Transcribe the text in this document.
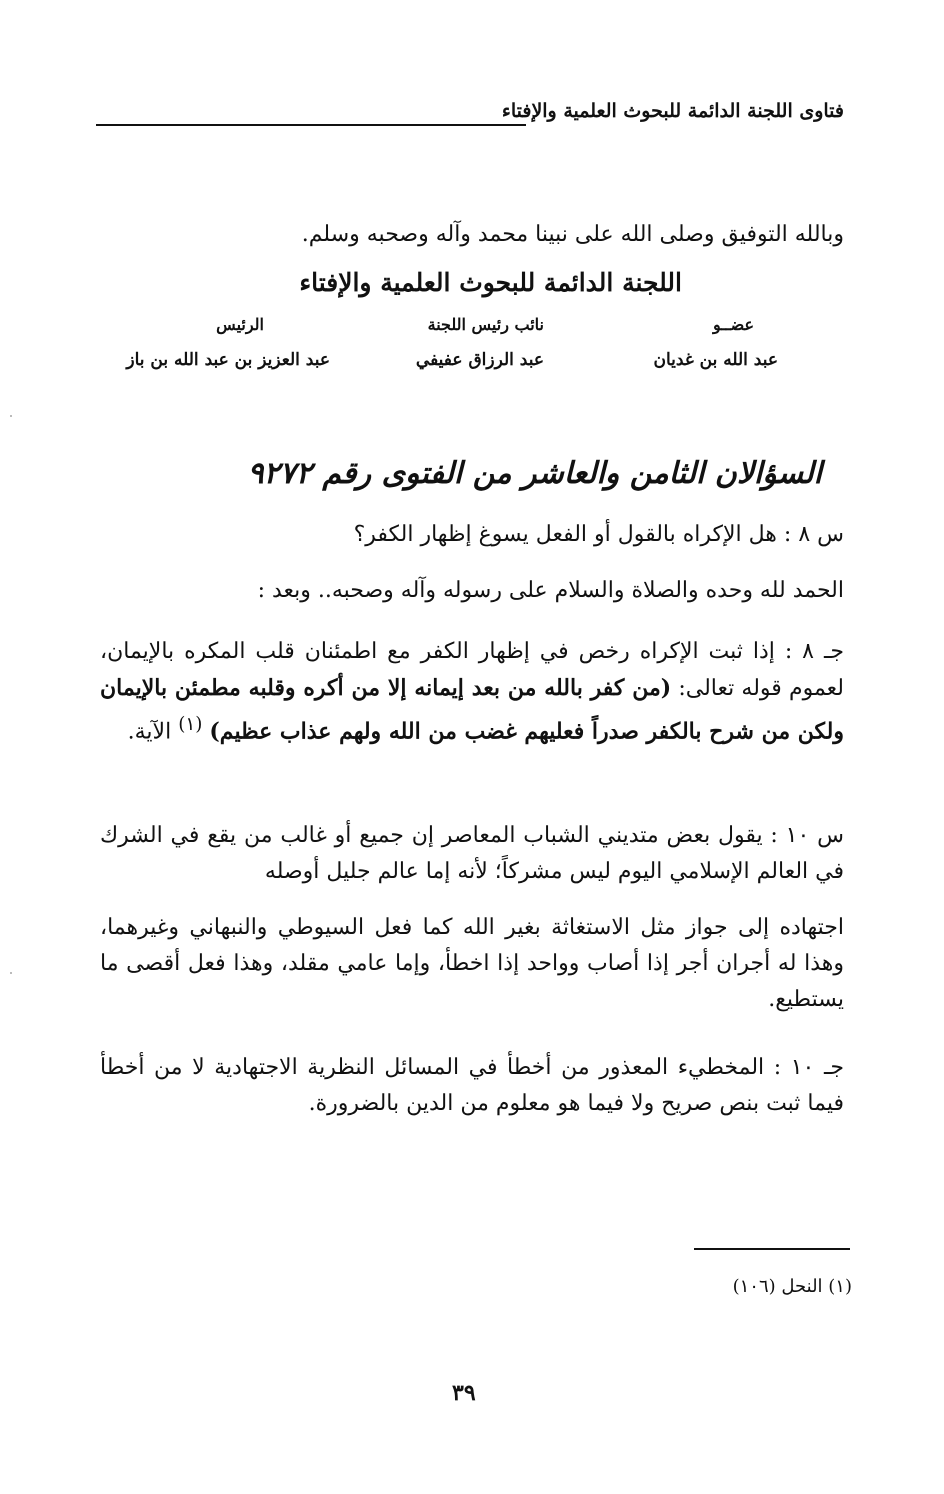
فتاوى اللجنة الدائمة للبحوث العلمية والإفتاء
وبالله التوفيق وصلى الله على نبينا محمد وآله وصحبه وسلم.
اللجنة الدائمة للبحوث العلمية والإفتاء
عضــو
نائب رئيس اللجنة
الرئيس
عبد الله بن غديان
عبد الرزاق عفيفي
عبد العزيز بن عبد الله بن باز
السؤالان الثامن والعاشر من الفتوى رقم ٩٢٧٢
س ٨ : هل الإكراه بالقول أو الفعل يسوغ إظهار الكفر؟
الحمد لله وحده والصلاة والسلام على رسوله وآله وصحبه.. وبعد :
جـ ٨ : إذا ثبت الإكراه رخص في إظهار الكفر مع اطمئنان قلب المكره بالإيمان، لعموم قوله تعالى: (من كفر بالله من بعد إيمانه إلا من أكره وقلبه مطمئن بالإيمان ولكن من شرح بالكفر صدراً فعليهم غضب من الله ولهم عذاب عظيم) $^{(١)}$ الآية.
س ١٠ : يقول بعض متديني الشباب المعاصر إن جميع أو غالب من يقع في الشرك في العالم الإسلامي اليوم ليس مشركاً؛ لأنه إما عالم جليل أوصله
اجتهاده إلى جواز مثل الاستغاثة بغير الله كما فعل السيوطي والنبهاني وغيرهما، وهذا له أجران أجر إذا أصاب وواحد إذا اخطأ، وإما عامي مقلد، وهذا فعل أقصى ما يستطيع.
جـ ١٠ : المخطيء المعذور من أخطأ في المسائل النظرية الاجتهادية لا من أخطأ فيما ثبت بنص صريح ولا فيما هو معلوم من الدين بالضرورة.
(١) النحل (١٠٦)
٣٩
